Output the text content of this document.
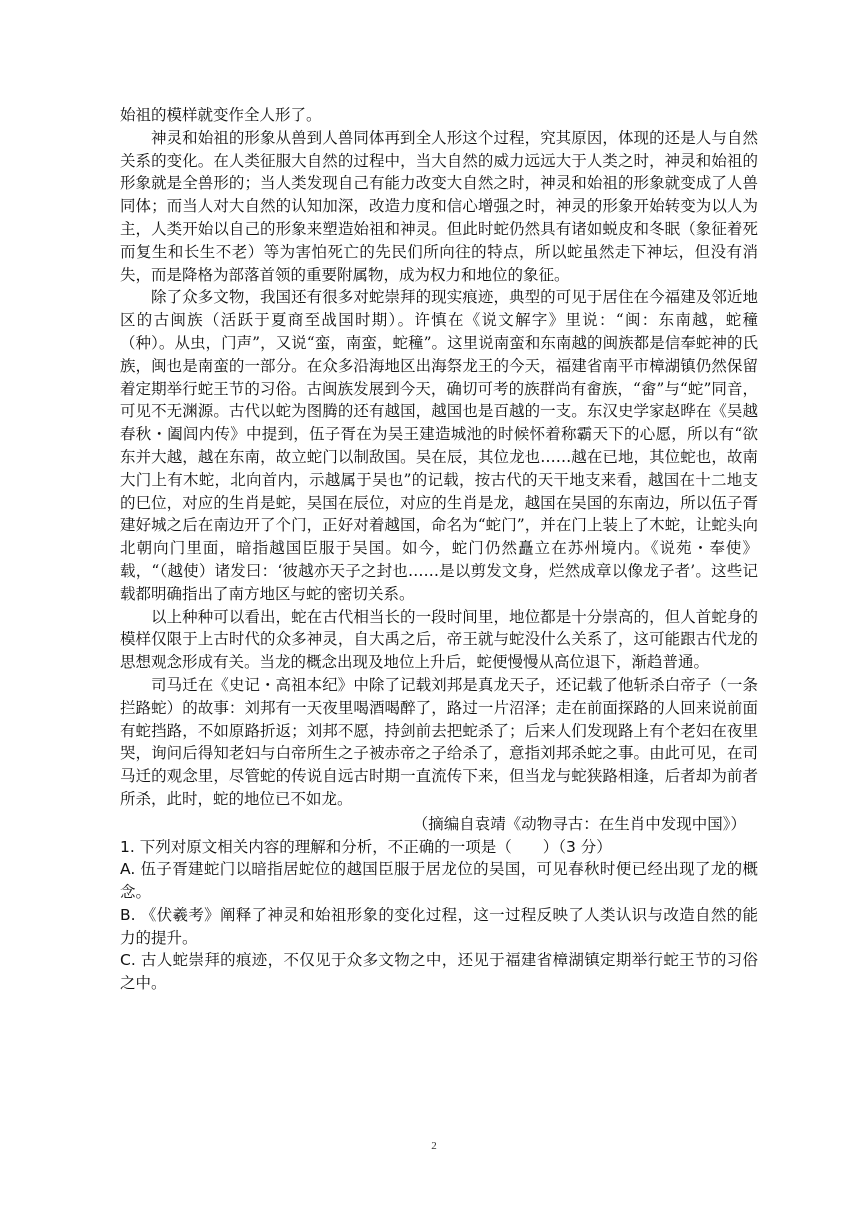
始祖的模样就变作全人形了。

神灵和始祖的形象从兽到人兽同体再到全人形这个过程，究其原因，体现的还是人与自然关系的变化。在人类征服大自然的过程中，当大自然的威力远远大于人类之时，神灵和始祖的形象就是全兽形的；当人类发现自己有能力改变大自然之时，神灵和始祖的形象就变成了人兽同体；而当人对大自然的认知加深，改造力度和信心增强之时，神灵的形象开始转变为以人为主，人类开始以自己的形象来塑造始祖和神灵。但此时蛇仍然具有诸如蜕皮和冬眠（象征着死而复生和长生不老）等为害怕死亡的先民们所向往的特点，所以蛇虽然走下神坛，但没有消失，而是降格为部落首领的重要附属物，成为权力和地位的象征。

除了众多文物，我国还有很多对蛇崇拜的现实痕迹，典型的可见于居住在今福建及邻近地区的古闽族（活跃于夏商至战国时期）。许慎在《说文解字》里说：“闽：东南越，蛇穜（种）。从虫，门声”，又说“蛮，南蛮，蛇穜”。这里说南蛮和东南越的闽族都是信奉蛇神的氏族，闽也是南蛮的一部分。在众多沿海地区出海祭龙王的今天，福建省南平市樟湖镇仍然保留着定期举行蛇王节的习俗。古闽族发展到今天，确切可考的族群尚有畲族，“畲”与“蛇”同音，可见不无渊源。古代以蛇为图腾的还有越国，越国也是百越的一支。东汉史学家赵晔在《吴越春秋・阖闾内传》中提到，伍子胥在为吴王建造城池的时候怀着称霸天下的心愿，所以有“欲东并大越，越在东南，故立蛇门以制敌国。吴在辰，其位龙也……越在已地，其位蛇也，故南大门上有木蛇，北向首内，示越属于吴也”的记载，按古代的天干地支来看，越国在十二地支的巳位，对应的生肖是蛇，吴国在辰位，对应的生肖是龙，越国在吴国的东南边，所以伍子胥建好城之后在南边开了个门，正好对着越国，命名为“蛇门”，并在门上装上了木蛇，让蛇头向北朝向门里面，暗指越国臣服于吴国。如今，蛇门仍然矗立在苏州境内。《说苑・奉使》载，“（越使）诸发曰：‘彼越亦天子之封也……是以剪发文身，烂然成章以像龙子者’。这些记载都明确指出了南方地区与蛇的密切关系。

以上种种可以看出，蛇在古代相当长的一段时间里，地位都是十分崇高的，但人首蛇身的模样仅限于上古时代的众多神灵，自大禹之后，帝王就与蛇没什么关系了，这可能跟古代龙的思想观念形成有关。当龙的概念出现及地位上升后，蛇便慢慢从高位退下，渐趋普通。

司马迁在《史记・高祖本纪》中除了记载刘邦是真龙天子，还记载了他斩杀白帝子（一条拦路蛇）的故事：刘邦有一天夜里喝酒喝醉了，路过一片沼泽；走在前面探路的人回来说前面有蛇挡路，不如原路折返；刘邦不愿，持剑前去把蛇杀了；后来人们发现路上有个老妇在夜里哭，询问后得知老妇与白帝所生之子被赤帝之子给杀了，意指刘邦杀蛇之事。由此可见，在司马迁的观念里，尽管蛇的传说自远古时期一直流传下来，但当龙与蛇狭路相逢，后者却为前者所杀，此时，蛇的地位已不如龙。

（摘编自袁靖《动物寻古：在生肖中发现中国》）

1. 下列对原文相关内容的理解和分析，不正确的一项是（　　）（3 分）

A. 伍子胥建蛇门以暗指居蛇位的越国臣服于居龙位的吴国，可见春秋时便已经出现了龙的概念。

B. 《伏羲考》阐释了神灵和始祖形象的变化过程，这一过程反映了人类认识与改造自然的能力的提升。

C. 古人蛇崇拜的痕迹，不仅见于众多文物之中，还见于福建省樟湖镇定期举行蛇王节的习俗之中。

2
